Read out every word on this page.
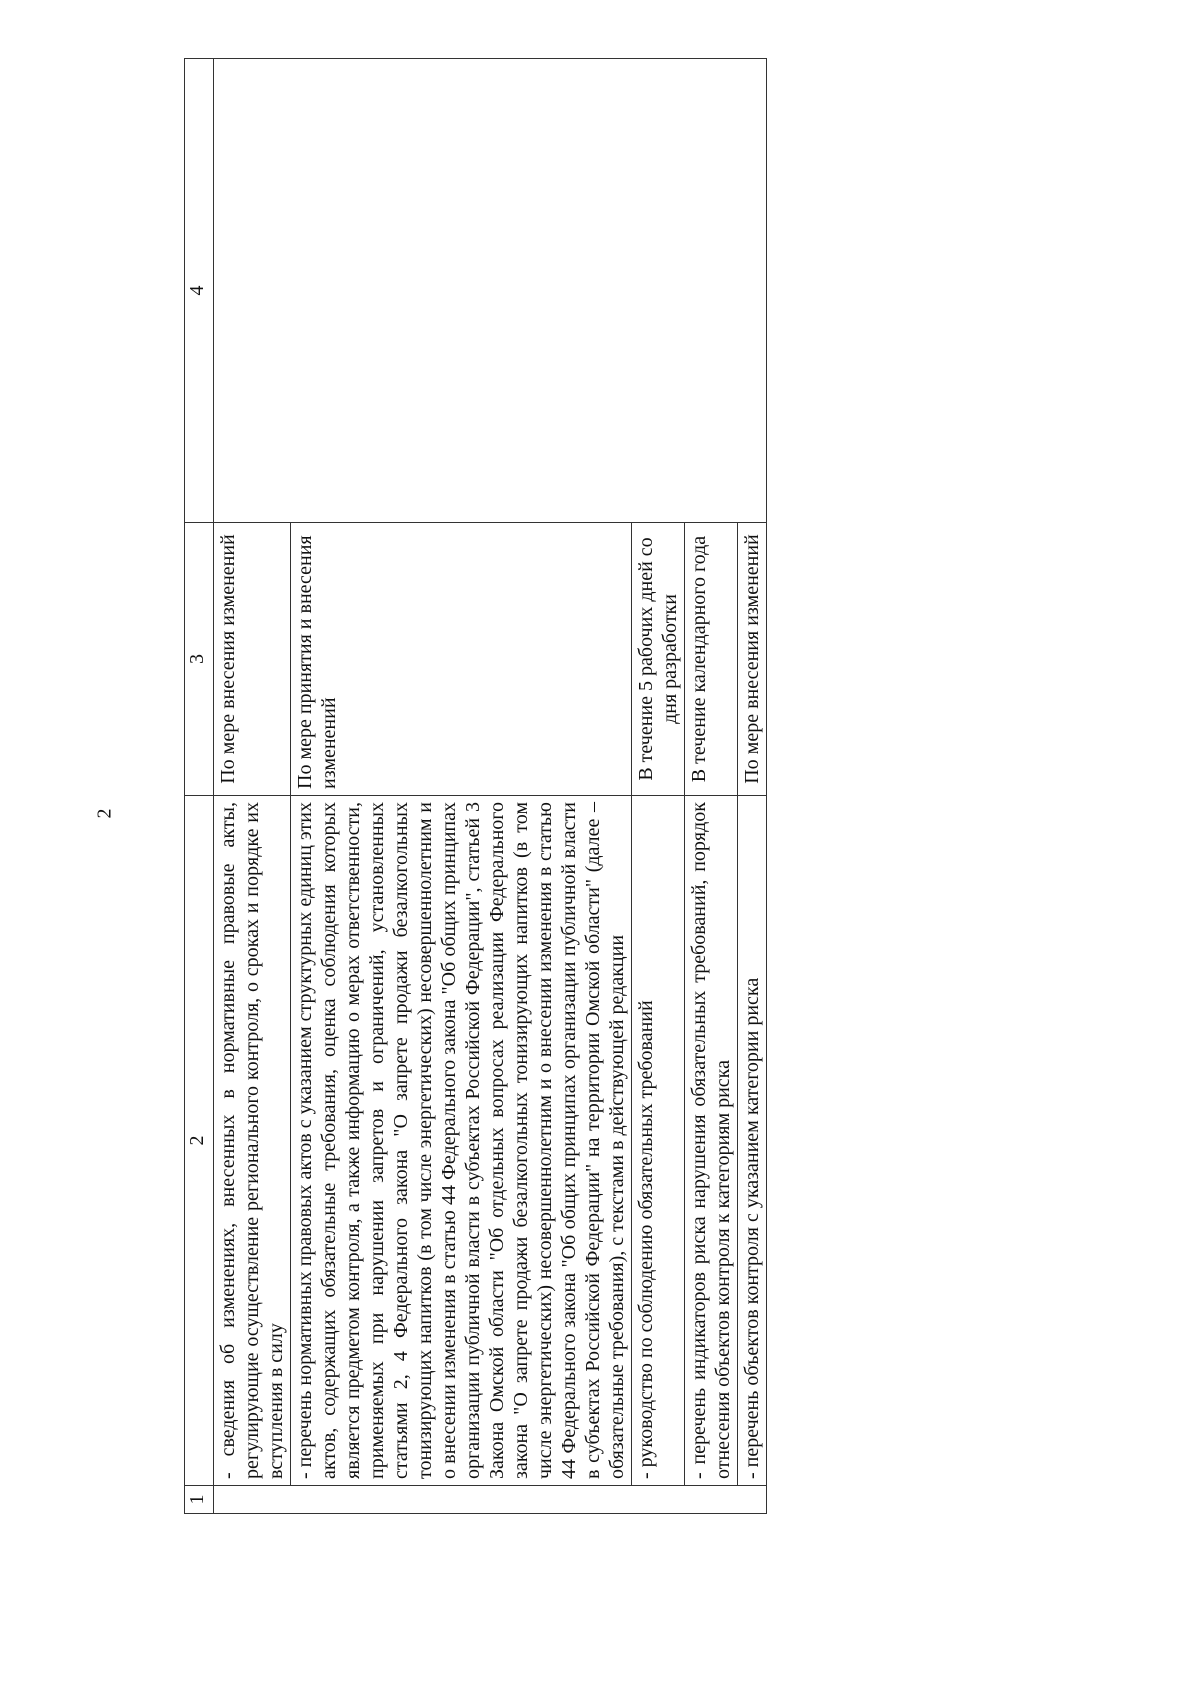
2
1	2	3	4
	- сведения об изменениях, внесенных в нормативные правовые акты, регулирующие осуществление регионального контроля, о сроках и порядке их вступления в силу	По мере внесения изменений	
	- перечень нормативных правовых актов с указанием структурных единиц этих актов, содержащих обязательные требования, оценка соблюдения которых является предметом контроля, а также информацию о мерах ответственности, применяемых при нарушении запретов и ограничений, установленных статьями 2, 4 Федерального закона "О запрете продажи безалкогольных тонизирующих напитков (в том числе энергетических) несовершеннолетним и о внесении изменения в статью 44 Федерального закона "Об общих принципах организации публичной власти в субъектах Российской Федерации", статьей 3 Закона Омской области "Об отдельных вопросах реализации Федерального закона "О запрете продажи безалкогольных тонизирующих напитков (в том числе энергетических) несовершеннолетним и о внесении изменения в статью 44 Федерального закона "Об общих принципах организации публичной власти в субъектах Российской Федерации" на территории Омской области" (далее – обязательные требования), с текстами в действующей редакции	По мере принятия и внесения изменений	
	- руководство по соблюдению обязательных требований	В течение 5 рабочих дней со дня разработки	
	- перечень индикаторов риска нарушения обязательных требований, порядок отнесения объектов контроля к категориям риска	В течение календарного года	
	- перечень объектов контроля с указанием категории риска	По мере внесения изменений	
